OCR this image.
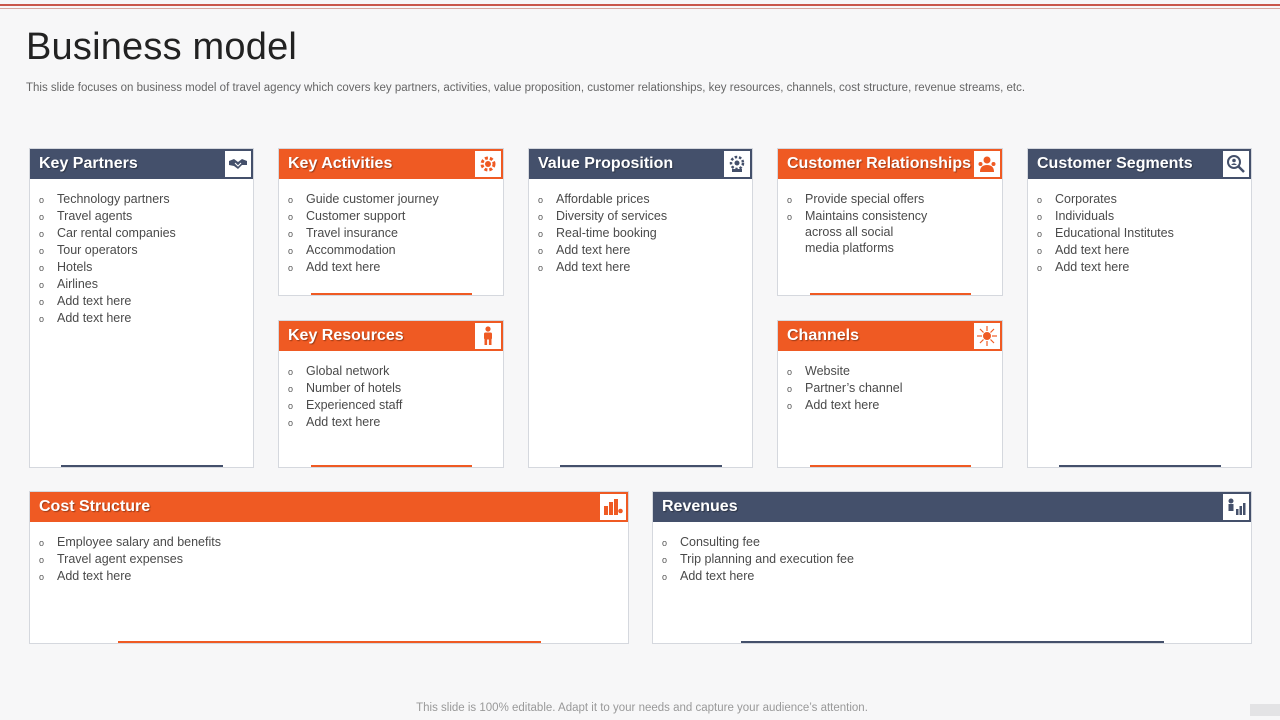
Business model
This slide focuses on business model of travel agency which covers key partners, activities, value proposition, customer relationships, key resources, channels, cost structure, revenue streams, etc.
Key Partners
o	Technology partners
o	Travel agents
o	Car rental companies
o	Tour operators
o	Hotels
o	Airlines
o	Add text here
o	Add text here
Key Activities
o	Guide customer journey
o	Customer support
o	Travel insurance
o	Accommodation
o	Add text here
Value Proposition
o	Affordable prices
o	Diversity of services
o	Real-time booking
o	Add text here
o	Add text here
Customer Relationships
o	Provide special offers
o	Maintains consistency
across all social
media platforms
Customer Segments
o	Corporates
o	Individuals
o	Educational Institutes
o	Add text here
o	Add text here
Key Resources
o	Global network
o	Number of hotels
o	Experienced staff
o	Add text here
Channels
o	Website
o	Partner’s channel
o	Add text here
Cost Structure
o	Employee salary and benefits
o	Travel agent expenses
o	Add text here
Revenues
o	Consulting fee
o	Trip planning and execution fee
o	Add text here
This slide is 100% editable. Adapt it to your needs and capture your audience’s attention.
